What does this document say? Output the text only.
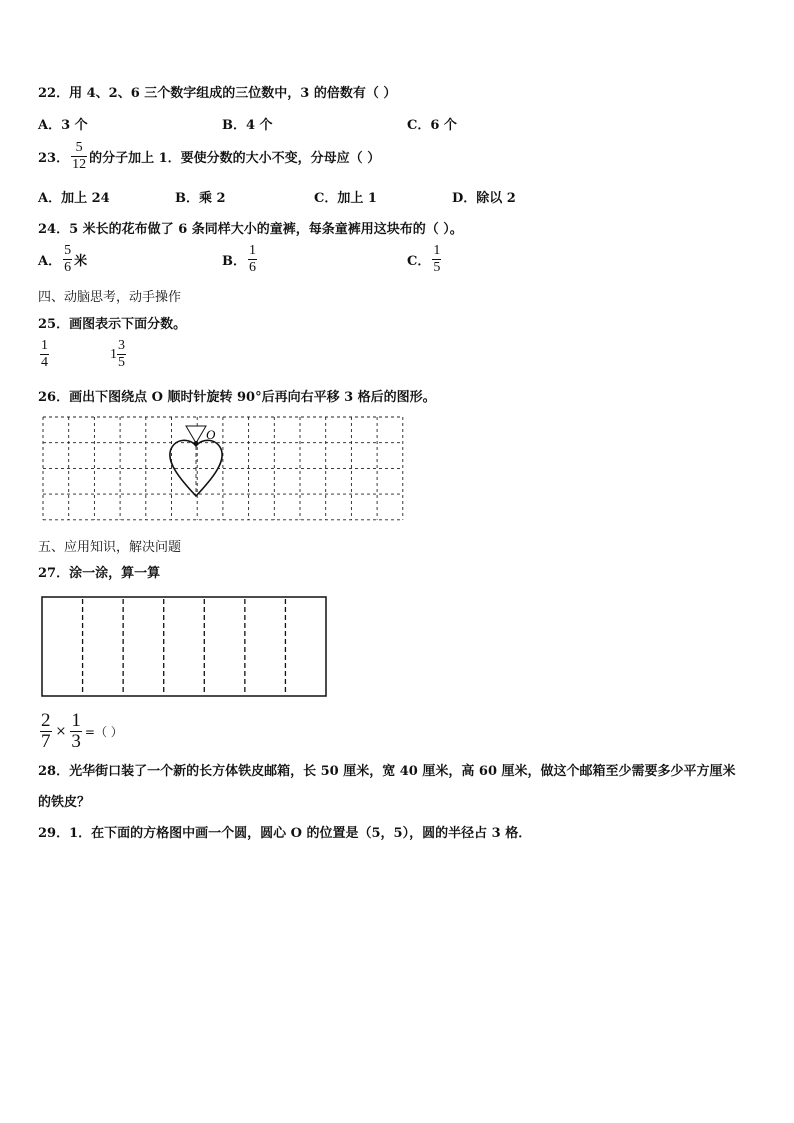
22．用 4、2、6 三个数字组成的三位数中，3 的倍数有（ ）
A．3 个	B．4 个	C．6 个
23． $\frac{5}{12}$ 的分子加上 1．要使分数的大小不变，分母应（ ）
A．加上 24	B．乘 2	C．加上 1	D．除以 2
24．5 米长的花布做了 6 条同样大小的童裤，每条童裤用这块布的（ ）。
A． $\frac{5}{6}$ 米	B． $\frac{1}{6}$	C． $\frac{1}{5}$
四、动脑思考，动手操作
25．画图表示下面分数。
$\frac{1}{4}$	$1 \frac{3}{5}$
26．画出下图绕点 O 顺时针旋转 90°后再向右平移 3 格后的图形。
O
五、应用知识，解决问题
27．涂一涂，算一算
$\frac{2}{7} \times \frac{1}{3}$ =（ ）
28．光华街口装了一个新的长方体铁皮邮箱，长 50 厘米，宽 40 厘米，高 60 厘米，做这个邮箱至少需要多少平方厘米
的铁皮？
29．1．在下面的方格图中画一个圆，圆心 O 的位置是（5，5），圆的半径占 3 格．
